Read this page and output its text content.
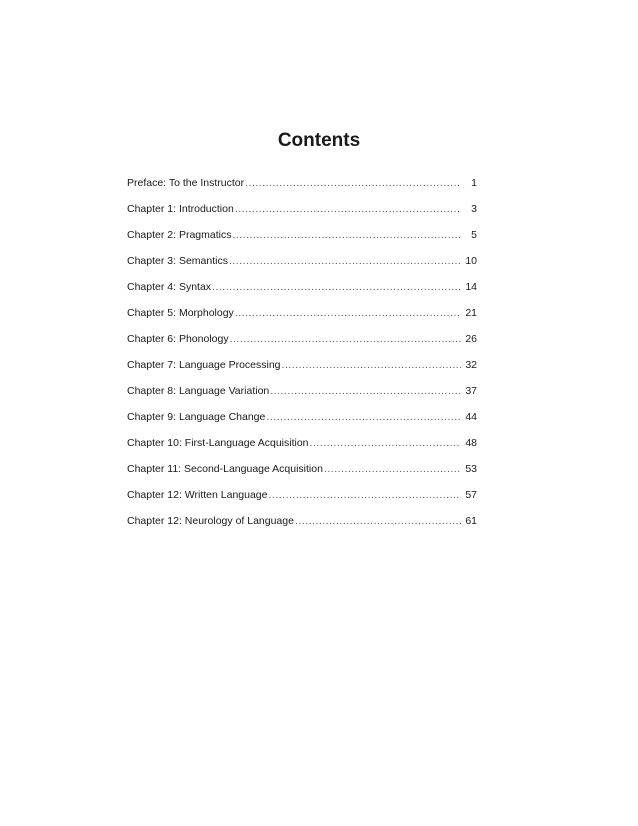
Contents
Preface: To the Instructor .....	1
Chapter 1: Introduction .....	3
Chapter 2: Pragmatics .....	5
Chapter 3: Semantics .....	10
Chapter 4: Syntax .....	14
Chapter 5: Morphology .....	21
Chapter 6: Phonology .....	26
Chapter 7: Language Processing .....	32
Chapter 8: Language Variation .....	37
Chapter 9: Language Change .....	44
Chapter 10: First-Language Acquisition .....	48
Chapter 11: Second-Language Acquisition .....	53
Chapter 12: Written Language .....	57
Chapter 12: Neurology of Language .....	61
